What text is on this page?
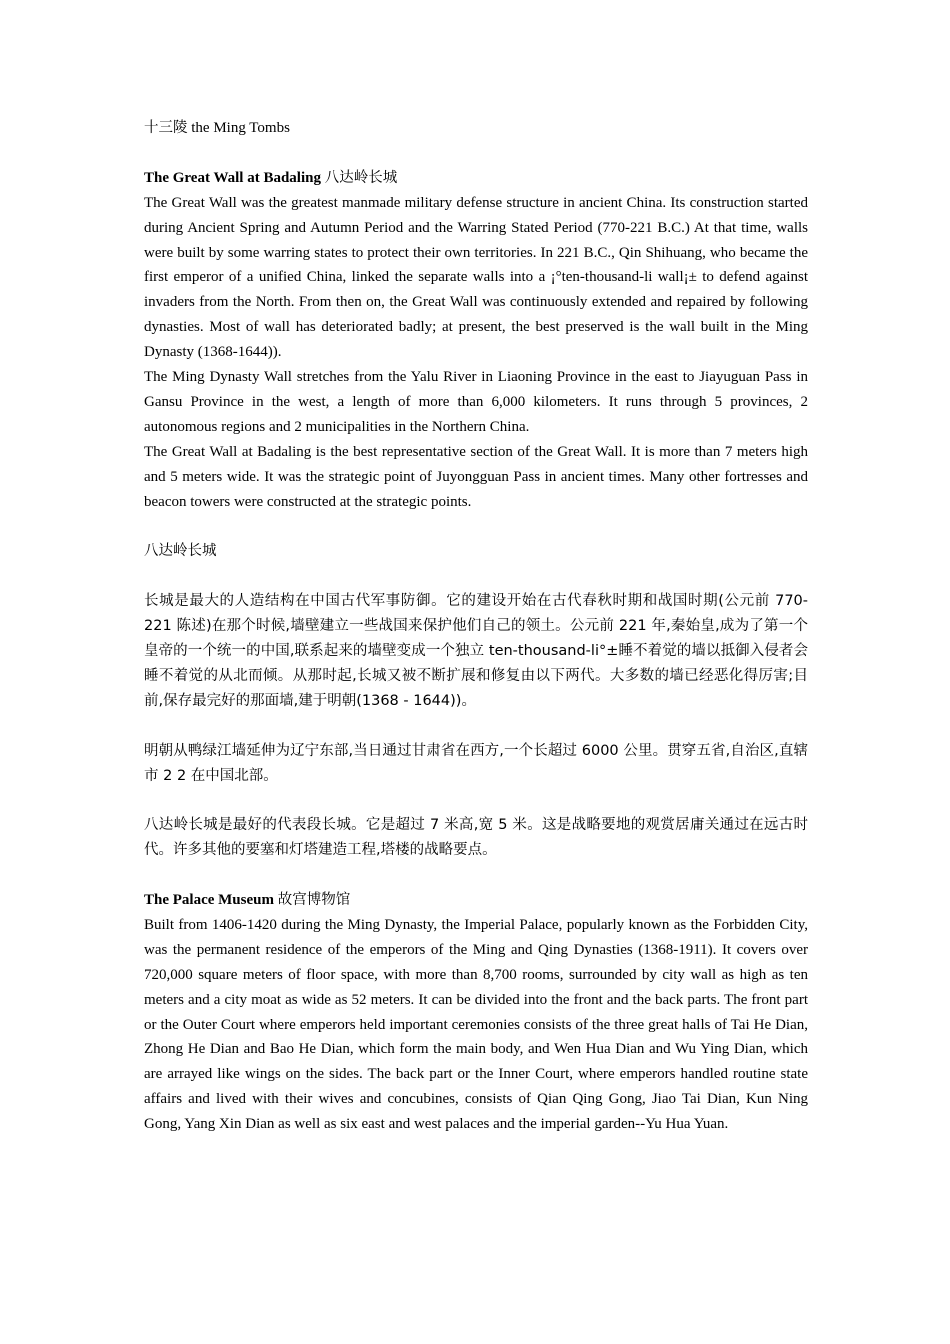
十三陵 the Ming Tombs

The Great Wall at Badaling 八达岭长城

The Great Wall was the greatest manmade military defense structure in ancient China. Its construction started during Ancient Spring and Autumn Period and the Warring Stated Period (770-221 B.C.) At that time, walls were built by some warring states to protect their own territories. In 221 B.C., Qin Shihuang, who became the first emperor of a unified China, linked the separate walls into a ¡°ten-thousand-li wall¡± to defend against invaders from the North. From then on, the Great Wall was continuously extended and repaired by following dynasties. Most of wall has deteriorated badly; at present, the best preserved is the wall built in the Ming Dynasty (1368-1644)).

The Ming Dynasty Wall stretches from the Yalu River in Liaoning Province in the east to Jiayuguan Pass in Gansu Province in the west, a length of more than 6,000 kilometers. It runs through 5 provinces, 2 autonomous regions and 2 municipalities in the Northern China.

The Great Wall at Badaling is the best representative section of the Great Wall. It is more than 7 meters high and 5 meters wide. It was the strategic point of Juyongguan Pass in ancient times. Many other fortresses and beacon towers were constructed at the strategic points.

八达岭长城

长城是最大的人造结构在中国古代军事防御。它的建设开始在古代春秋时期和战国时期(公元前 770-221 陈述)在那个时候,墙壁建立一些战国来保护他们自己的领土。公元前 221 年,秦始皇,成为了第一个皇帝的一个统一的中国,联系起来的墙壁变成一个独立 ten-thousand-li°±睡不着觉的墙以抵御入侵者会睡不着觉的从北而倾。从那时起,长城又被不断扩展和修复由以下两代。大多数的墙已经恶化得厉害;目前,保存最完好的那面墙,建于明朝(1368 - 1644))。

明朝从鸭绿江墙延伸为辽宁东部,当日通过甘肃省在西方,一个长超过 6000 公里。贯穿五省,自治区,直辖市 2 2 在中国北部。

八达岭长城是最好的代表段长城。它是超过 7 米高,宽 5 米。这是战略要地的观赏居庸关通过在远古时代。许多其他的要塞和灯塔建造工程,塔楼的战略要点。

The Palace Museum 故宫博物馆

Built from 1406-1420 during the Ming Dynasty, the Imperial Palace, popularly known as the Forbidden City, was the permanent residence of the emperors of the Ming and Qing Dynasties (1368-1911). It covers over 720,000 square meters of floor space, with more than 8,700 rooms, surrounded by city wall as high as ten meters and a city moat as wide as 52 meters. It can be divided into the front and the back parts. The front part or the Outer Court where emperors held important ceremonies consists of the three great halls of Tai He Dian, Zhong He Dian and Bao He Dian, which form the main body, and Wen Hua Dian and Wu Ying Dian, which are arrayed like wings on the sides. The back part or the Inner Court, where emperors handled routine state affairs and lived with their wives and concubines, consists of Qian Qing Gong, Jiao Tai Dian, Kun Ning Gong, Yang Xin Dian as well as six east and west palaces and the imperial garden--Yu Hua Yuan.
